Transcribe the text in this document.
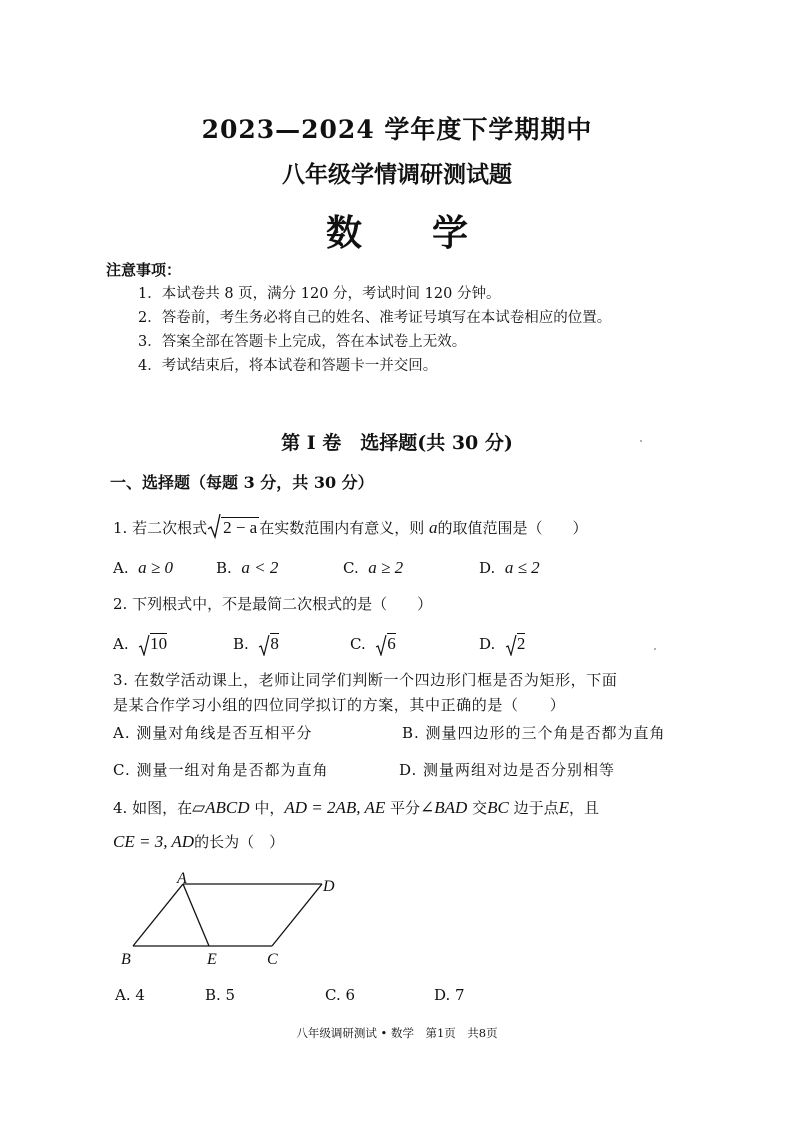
2023—2024 学年度下学期期中
八年级学情调研测试题
数学
注意事项：
1．本试卷共 8 页，满分 120 分，考试时间 120 分钟。
2．答卷前，考生务必将自己的姓名、准考证号填写在本试卷相应的位置。
3．答案全部在答题卡上完成，答在本试卷上无效。
4．考试结束后，将本试卷和答题卡一并交回。
第 I 卷　选择题(共 30 分)
一、选择题（每题 3 分，共 30 分）
1. 若二次根式 2 − a 在实数范围内有意义，则 a的取值范围是（　　）
A. a ≥ 0	B. a < 2	C. a ≥ 2	D. a ≤ 2
2. 下列根式中，不是最简二次根式的是（　　）
A. 10	B. 8	C. 6	D. 2
3. 在数学活动课上，老师让同学们判断一个四边形门框是否为矩形，下面
是某合作学习小组的四位同学拟订的方案，其中正确的是（　　）
A. 测量对角线是否互相平分	B. 测量四边形的三个角是否都为直角
C. 测量一组对角是否都为直角	D. 测量两组对边是否分别相等
4. 如图，在▱ABCD 中，AD = 2AB, AE 平分∠BAD 交BC 边于点E，且
CE = 3, AD的长为（　）
A	D
B	E	C
A. 4	B. 5	C. 6	D. 7
八年级调研测试 • 数学　第1页　共8页
